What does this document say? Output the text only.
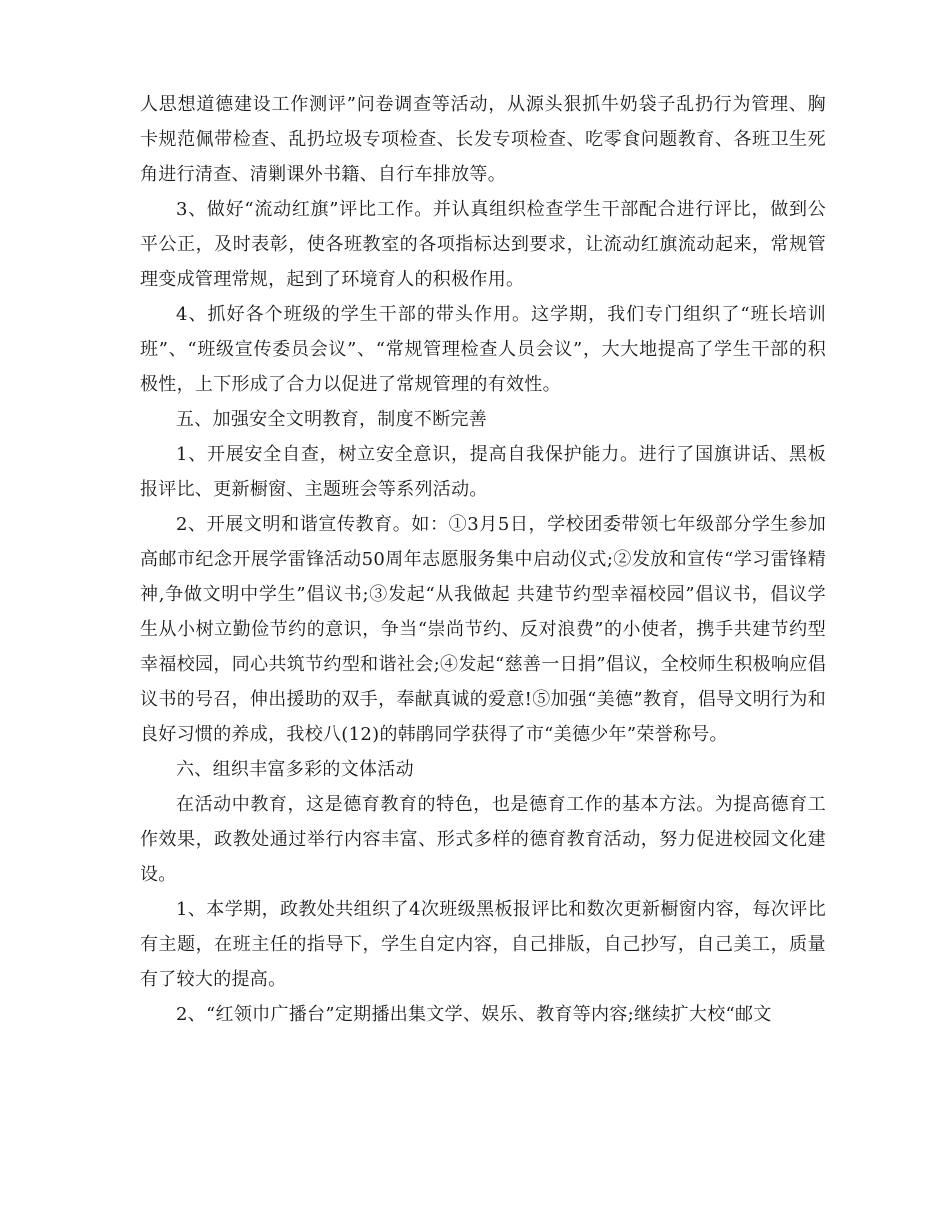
人思想道德建设工作测评”问卷调查等活动，从源头狠抓牛奶袋子乱扔行为管理、胸卡规范佩带检查、乱扔垃圾专项检查、长发专项检查、吃零食问题教育、各班卫生死角进行清查、清剿课外书籍、自行车排放等。

3、做好“流动红旗”评比工作。并认真组织检查学生干部配合进行评比，做到公平公正，及时表彰，使各班教室的各项指标达到要求，让流动红旗流动起来，常规管理变成管理常规，起到了环境育人的积极作用。

4、抓好各个班级的学生干部的带头作用。这学期，我们专门组织了“班长培训班”、“班级宣传委员会议”、“常规管理检查人员会议”，大大地提高了学生干部的积极性，上下形成了合力以促进了常规管理的有效性。

五、加强安全文明教育，制度不断完善

1、开展安全自查，树立安全意识，提高自我保护能力。进行了国旗讲话、黑板报评比、更新橱窗、主题班会等系列活动。

2、开展文明和谐宣传教育。如：①3月5日，学校团委带领七年级部分学生参加高邮市纪念开展学雷锋活动50周年志愿服务集中启动仪式;②发放和宣传“学习雷锋精神,争做文明中学生”倡议书;③发起“从我做起 共建节约型幸福校园”倡议书，倡议学生从小树立勤俭节约的意识，争当“崇尚节约、反对浪费”的小使者，携手共建节约型幸福校园，同心共筑节约型和谐社会;④发起“慈善一日捐”倡议，全校师生积极响应倡议书的号召，伸出援助的双手，奉献真诚的爱意!⑤加强“美德”教育，倡导文明行为和良好习惯的养成，我校八(12)的韩鹃同学获得了市“美德少年”荣誉称号。

六、组织丰富多彩的文体活动

在活动中教育，这是德育教育的特色，也是德育工作的基本方法。为提高德育工作效果，政教处通过举行内容丰富、形式多样的德育教育活动，努力促进校园文化建设。

1、本学期，政教处共组织了4次班级黑板报评比和数次更新橱窗内容，每次评比有主题，在班主任的指导下，学生自定内容，自己排版，自己抄写，自己美工，质量有了较大的提高。

2、“红领巾广播台”定期播出集文学、娱乐、教育等内容;继续扩大校“邮文
